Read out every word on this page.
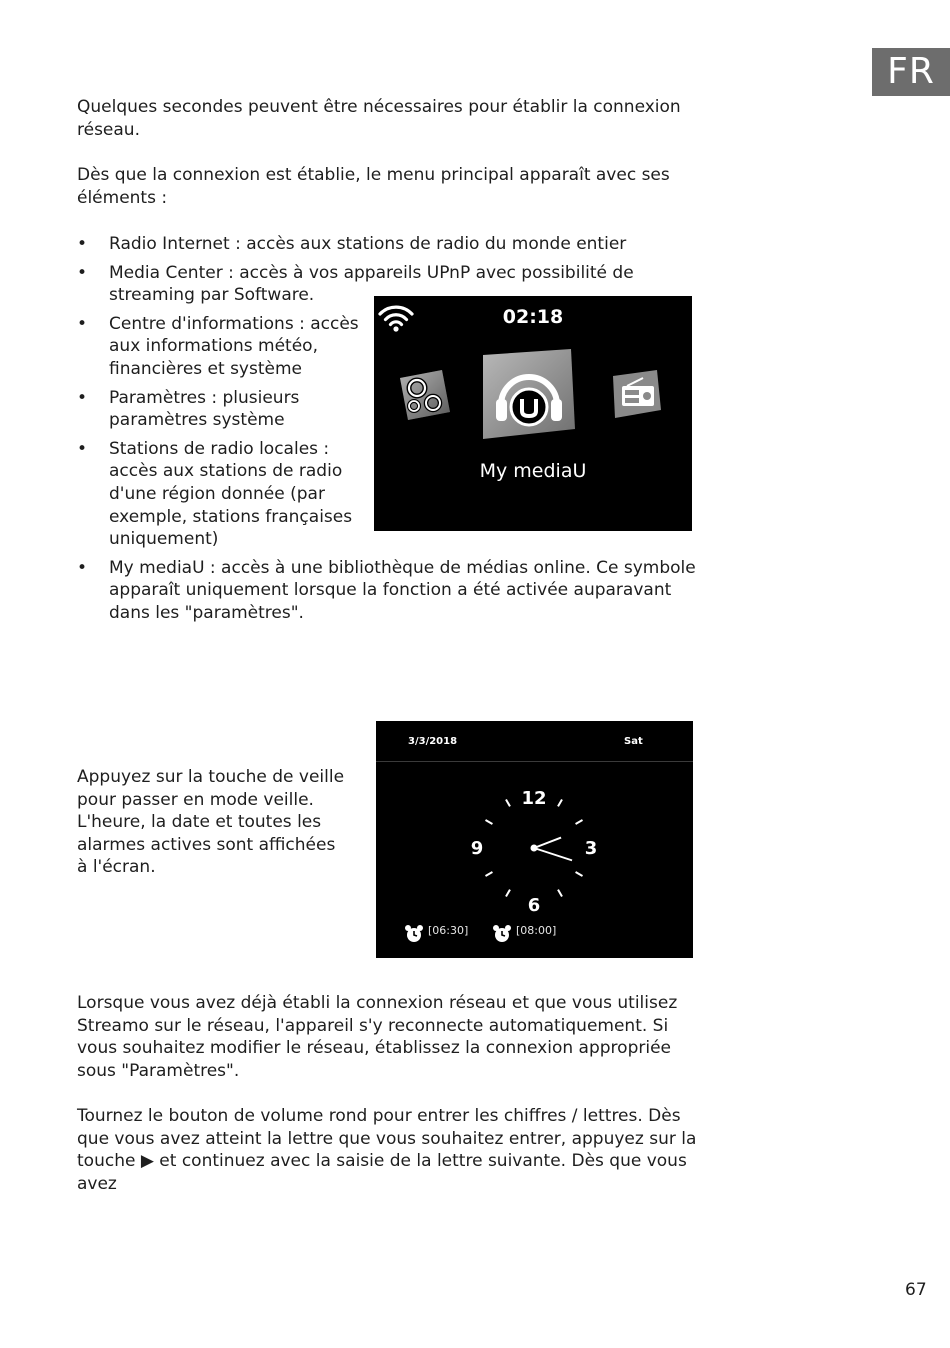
FR

Quelques secondes peuvent être nécessaires pour établir la connexion réseau.

Dès que la connexion est établie, le menu principal apparaît avec ses éléments :

• Radio Internet : accès aux stations de radio du monde entier
• Media Center : accès à vos appareils UPnP avec possibilité de streaming par Software.
• Centre d'informations : accès aux informations météo, financières et système
• Paramètres : plusieurs paramètres système
• Stations de radio locales : accès aux stations de radio d'une région donnée (par exemple, stations françaises uniquement)
• My mediaU : accès à une bibliothèque de médias online. Ce symbole apparaît uniquement lorsque la fonction a été activée auparavant dans les "paramètres".
02:18
My mediaU

Appuyez sur la touche de veille pour passer en mode veille. L'heure, la date et toutes les alarmes actives sont affichées à l'écran.

3/3/2018	Sat
12
3
6
9
[06:30]	[08:00]

Lorsque vous avez déjà établi la connexion réseau et que vous utilisez Streamo sur le réseau, l'appareil s'y reconnecte automatiquement. Si vous souhaitez modifier le réseau, établissez la connexion appropriée sous "Paramètres".

Tournez le bouton de volume rond pour entrer les chiffres / lettres. Dès que vous avez atteint la lettre que vous souhaitez entrer, appuyez sur la touche ▶ et continuez avec la saisie de la lettre suivante. Dès que vous avez

67
